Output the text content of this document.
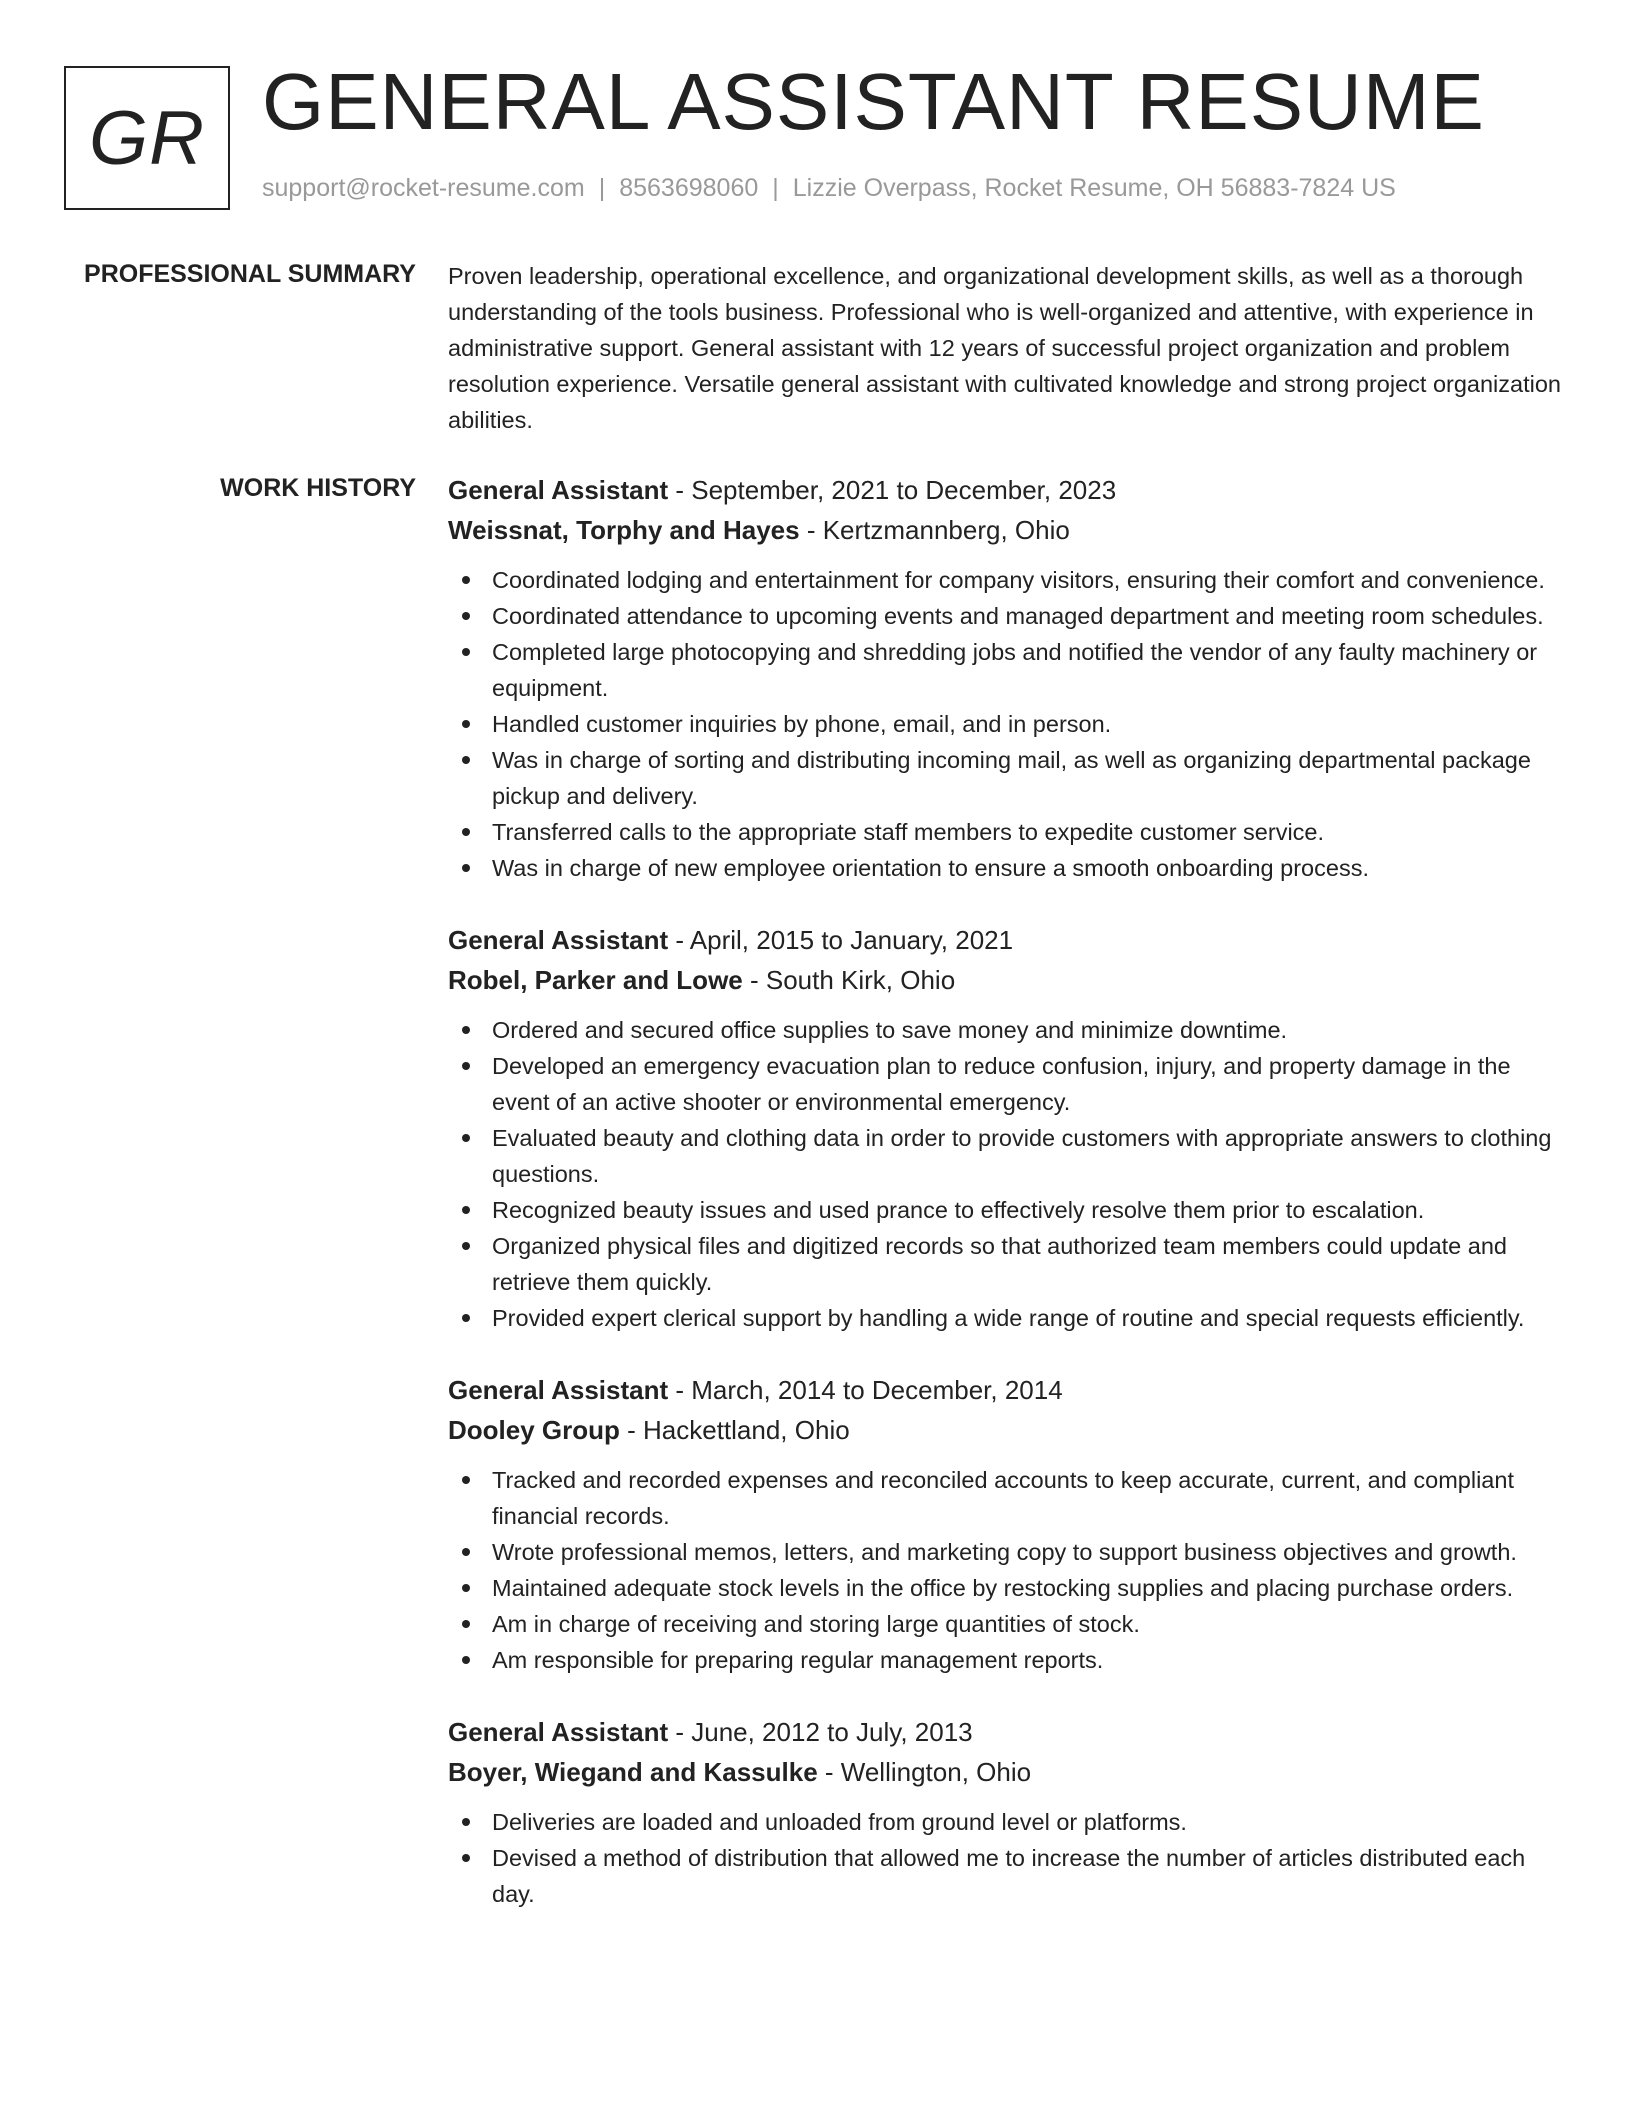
GR GENERAL ASSISTANT RESUME
support@rocket-resume.com | 8563698060 | Lizzie Overpass, Rocket Resume, OH 56883-7824 US
PROFESSIONAL SUMMARY Proven leadership, operational excellence, and organizational development skills, as well as a thorough understanding of the tools business. Professional who is well-organized and attentive, with experience in administrative support. General assistant with 12 years of successful project organization and problem resolution experience. Versatile general assistant with cultivated knowledge and strong project organization abilities.

WORK HISTORY General Assistant - September, 2021 to December, 2023
Weissnat, Torphy and Hayes - Kertzmannberg, Ohio
Coordinated lodging and entertainment for company visitors, ensuring their comfort and convenience.
Coordinated attendance to upcoming events and managed department and meeting room schedules.
Completed large photocopying and shredding jobs and notified the vendor of any faulty machinery or equipment.
Handled customer inquiries by phone, email, and in person.
Was in charge of sorting and distributing incoming mail, as well as organizing departmental package pickup and delivery.
Transferred calls to the appropriate staff members to expedite customer service.
Was in charge of new employee orientation to ensure a smooth onboarding process.
General Assistant - April, 2015 to January, 2021
Robel, Parker and Lowe - South Kirk, Ohio
Ordered and secured office supplies to save money and minimize downtime.
Developed an emergency evacuation plan to reduce confusion, injury, and property damage in the event of an active shooter or environmental emergency.
Evaluated beauty and clothing data in order to provide customers with appropriate answers to clothing questions.
Recognized beauty issues and used prance to effectively resolve them prior to escalation.
Organized physical files and digitized records so that authorized team members could update and retrieve them quickly.
Provided expert clerical support by handling a wide range of routine and special requests efficiently.
General Assistant - March, 2014 to December, 2014
Dooley Group - Hackettland, Ohio
Tracked and recorded expenses and reconciled accounts to keep accurate, current, and compliant financial records.
Wrote professional memos, letters, and marketing copy to support business objectives and growth.
Maintained adequate stock levels in the office by restocking supplies and placing purchase orders.
Am in charge of receiving and storing large quantities of stock.
Am responsible for preparing regular management reports.
General Assistant - June, 2012 to July, 2013
Boyer, Wiegand and Kassulke - Wellington, Ohio
Deliveries are loaded and unloaded from ground level or platforms.
Devised a method of distribution that allowed me to increase the number of articles distributed each day.
